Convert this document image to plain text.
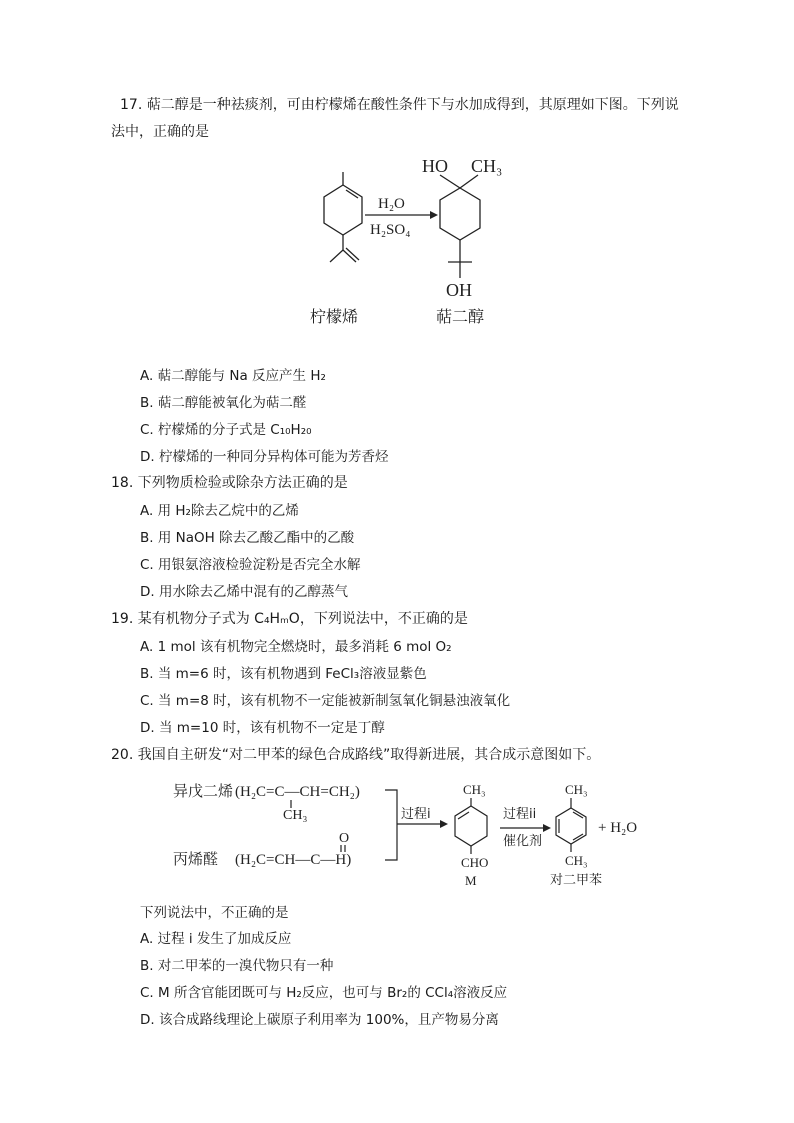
17. 萜二醇是一种祛痰剂，可由柠檬烯在酸性条件下与水加成得到，其原理如下图。下列说
法中，正确的是
H₂O
H₂SO₄
HO CH₃
OH
柠檬烯	萜二醇
A. 萜二醇能与 Na 反应产生 H₂
B. 萜二醇能被氧化为萜二醛
C. 柠檬烯的分子式是 C₁₀H₂₀
D. 柠檬烯的一种同分异构体可能为芳香烃
18. 下列物质检验或除杂方法正确的是
A. 用 H₂除去乙烷中的乙烯
B. 用 NaOH 除去乙酸乙酯中的乙酸
C. 用银氨溶液检验淀粉是否完全水解
D. 用水除去乙烯中混有的乙醇蒸气
19. 某有机物分子式为 C₄HₘO，下列说法中，不正确的是
A. 1 mol 该有机物完全燃烧时，最多消耗 6 mol O₂
B. 当 m=6 时，该有机物遇到 FeCl₃溶液显紫色
C. 当 m=8 时，该有机物不一定能被新制氢氧化铜悬浊液氧化
D. 当 m=10 时，该有机物不一定是丁醇
20. 我国自主研发“对二甲苯的绿色合成路线”取得新进展，其合成示意图如下。
异戊二烯 (H₂C=C—CH=CH₂)
CH₃
O
丙烯醛 (H₂C=CH—C—H)
过程i
CH₃
CHO
M
过程ii
催化剂
CH₃
CH₃
+ H₂O
对二甲苯
下列说法中，不正确的是
A. 过程 i 发生了加成反应
B. 对二甲苯的一溴代物只有一种
C. M 所含官能团既可与 H₂反应，也可与 Br₂的 CCl₄溶液反应
D. 该合成路线理论上碳原子利用率为 100%，且产物易分离
